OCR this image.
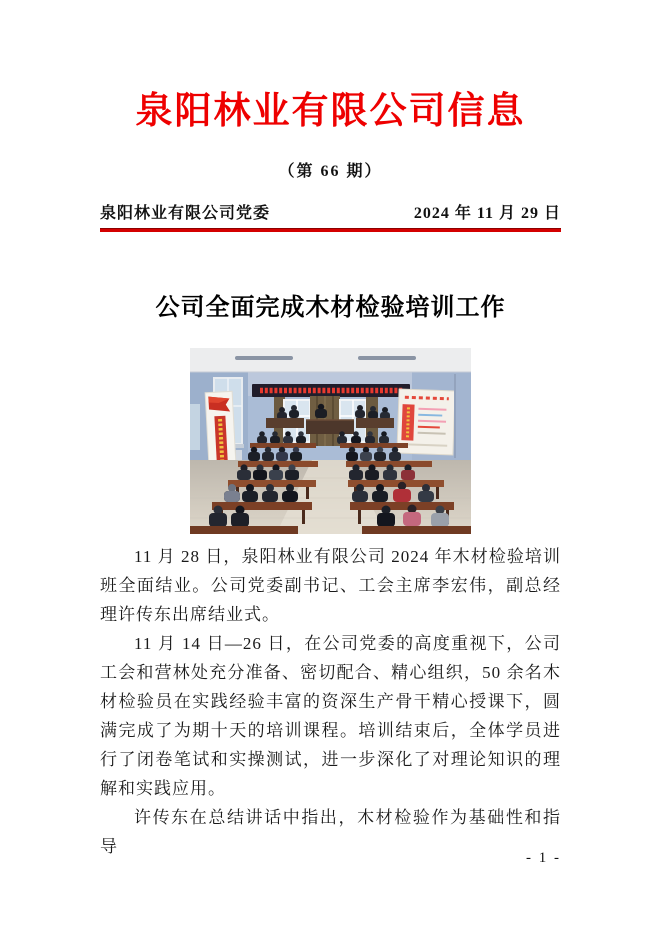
泉阳林业有限公司信息
（第 66 期）
泉阳林业有限公司党委	2024 年 11 月 29 日
公司全面完成木材检验培训工作

11 月 28 日，泉阳林业有限公司 2024 年木材检验培训班全面结业。公司党委副书记、工会主席李宏伟，副总经理许传东出席结业式。

11 月 14 日—26 日，在公司党委的高度重视下，公司工会和营林处充分准备、密切配合、精心组织，50 余名木材检验员在实践经验丰富的资深生产骨干精心授课下，圆满完成了为期十天的培训课程。培训结束后，全体学员进行了闭卷笔试和实操测试，进一步深化了对理论知识的理解和实践应用。

许传东在总结讲话中指出，木材检验作为基础性和指导

- 1 -
